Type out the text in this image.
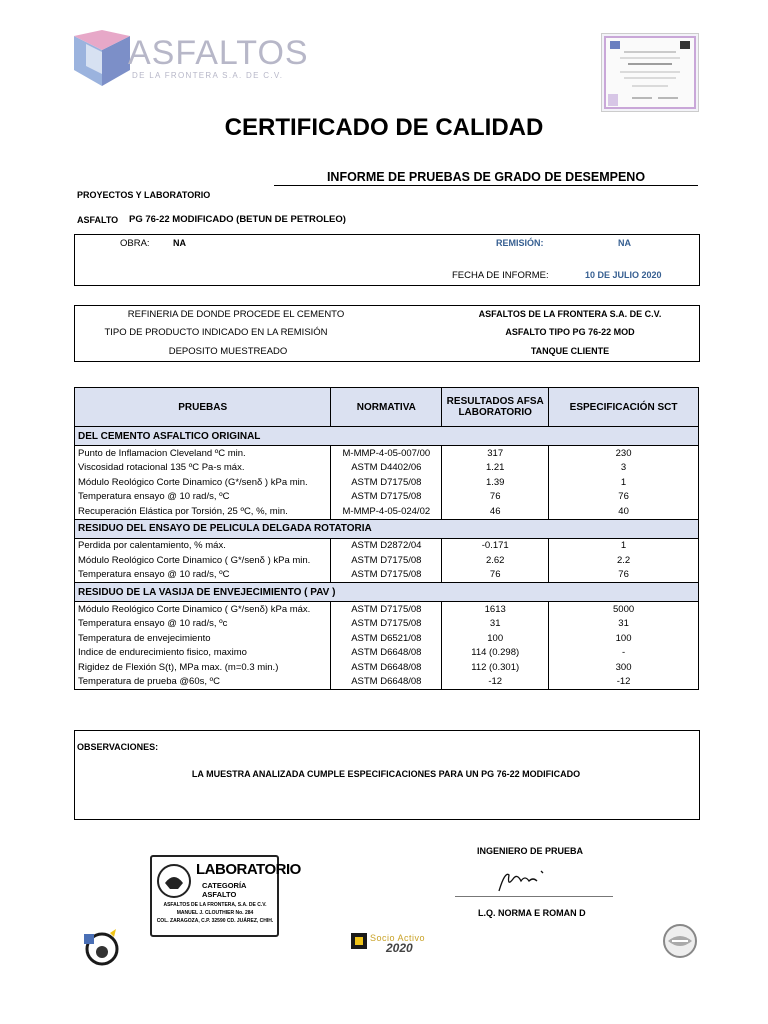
ASFALTOS
DE LA FRONTERA S.A. DE C.V.
CERTIFICADO DE CALIDAD
INFORME DE PRUEBAS DE GRADO DE DESEMPENO
PROYECTOS Y LABORATORIO
ASFALTO PG 76-22 MODIFICADO (BETUN DE PETROLEO)
OBRA:	NA	REMISIÓN:	NA
FECHA DE INFORME:	10 DE JULIO 2020
REFINERIA DE DONDE PROCEDE EL CEMENTO	ASFALTOS DE LA FRONTERA S.A. DE C.V.
TIPO DE PRODUCTO INDICADO EN LA REMISIÓN	ASFALTO TIPO PG 76-22 MOD
DEPOSITO MUESTREADO	TANQUE CLIENTE
PRUEBAS	NORMATIVA	RESULTADOS AFSA LABORATORIO	ESPECIFICACIÓN SCT
DEL CEMENTO ASFALTICO ORIGINAL			
Punto de Inflamacion Cleveland ºC min.	M-MMP-4-05-007/00	317	230
Viscosidad rotacional 135 ºC Pa-s máx.	ASTM D4402/06	1.21	3
Módulo Reológico Corte Dinamico (G*/senδ ) kPa min.	ASTM D7175/08	1.39	1
Temperatura ensayo @ 10 rad/s, ºC	ASTM D7175/08	76	76
Recuperación Elástica por Torsión, 25 ºC, %, min.	M-MMP-4-05-024/02	46	40
RESIDUO DEL ENSAYO DE PELICULA DELGADA ROTATORIA			
Perdida por calentamiento, % máx.	ASTM D2872/04	-0.171	1
Módulo Reológico Corte Dinamico ( G*/senδ ) kPa min.	ASTM D7175/08	2.62	2.2
Temperatura ensayo @ 10 rad/s, ºC	ASTM D7175/08	76	76
RESIDUO DE LA VASIJA DE ENVEJECIMIENTO ( PAV )			
Módulo Reológico Corte Dinamico ( G*/senδ) kPa máx.	ASTM D7175/08	1613	5000
Temperatura ensayo @ 10 rad/s, ºc	ASTM D7175/08	31	31
Temperatura de envejecimiento	ASTM D6521/08	100	100
Indice de endurecimiento fisico, maximo	ASTM D6648/08	114 (0.298)	-
Rigidez de Flexión S(t), MPa max. (m=0.3 min.)	ASTM D6648/08	112 (0.301)	300
Temperatura de prueba @60s, ºC	ASTM D6648/08	-12	-12
OBSERVACIONES:
LA MUESTRA ANALIZADA CUMPLE ESPECIFICACIONES PARA UN PG 76-22 MODIFICADO
LABORATORIO
CATEGORÍA ASFALTO
ASFALTOS DE LA FRONTERA, S.A. DE C.V.
MANUEL J. CLOUTHIER No. 284
COL. ZARAGOZA, C.P. 32590 CD. JUÁREZ, CHIH.
INGENIERO DE PRUEBA
L.Q. NORMA E ROMAN D
Socio Activo
2020
